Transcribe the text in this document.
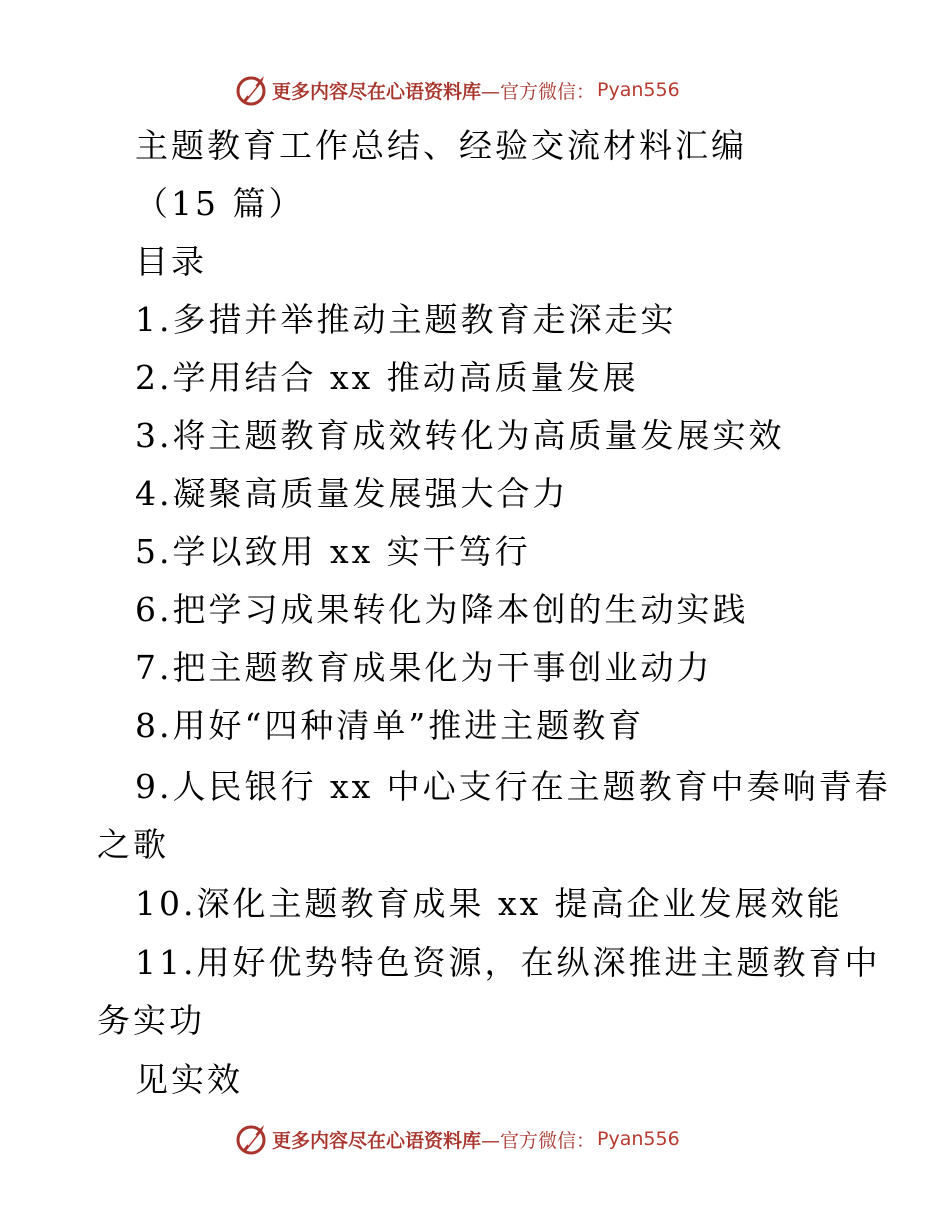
更多内容尽在心语资料库 —官方微信： Pyan556
主题教育工作总结、经验交流材料汇编
（15 篇）
目录
1.多措并举推动主题教育走深走实
2.学用结合 xx 推动高质量发展
3.将主题教育成效转化为高质量发展实效
4.凝聚高质量发展强大合力
5.学以致用 xx 实干笃行
6.把学习成果转化为降本创的生动实践
7.把主题教育成果化为干事创业动力
8.用好“四种清单”推进主题教育
9.人民银行 xx 中心支行在主题教育中奏响青春
之歌
10.深化主题教育成果 xx 提高企业发展效能
11.用好优势特色资源，在纵深推进主题教育中
务实功
见实效
更多内容尽在心语资料库 —官方微信： Pyan556
